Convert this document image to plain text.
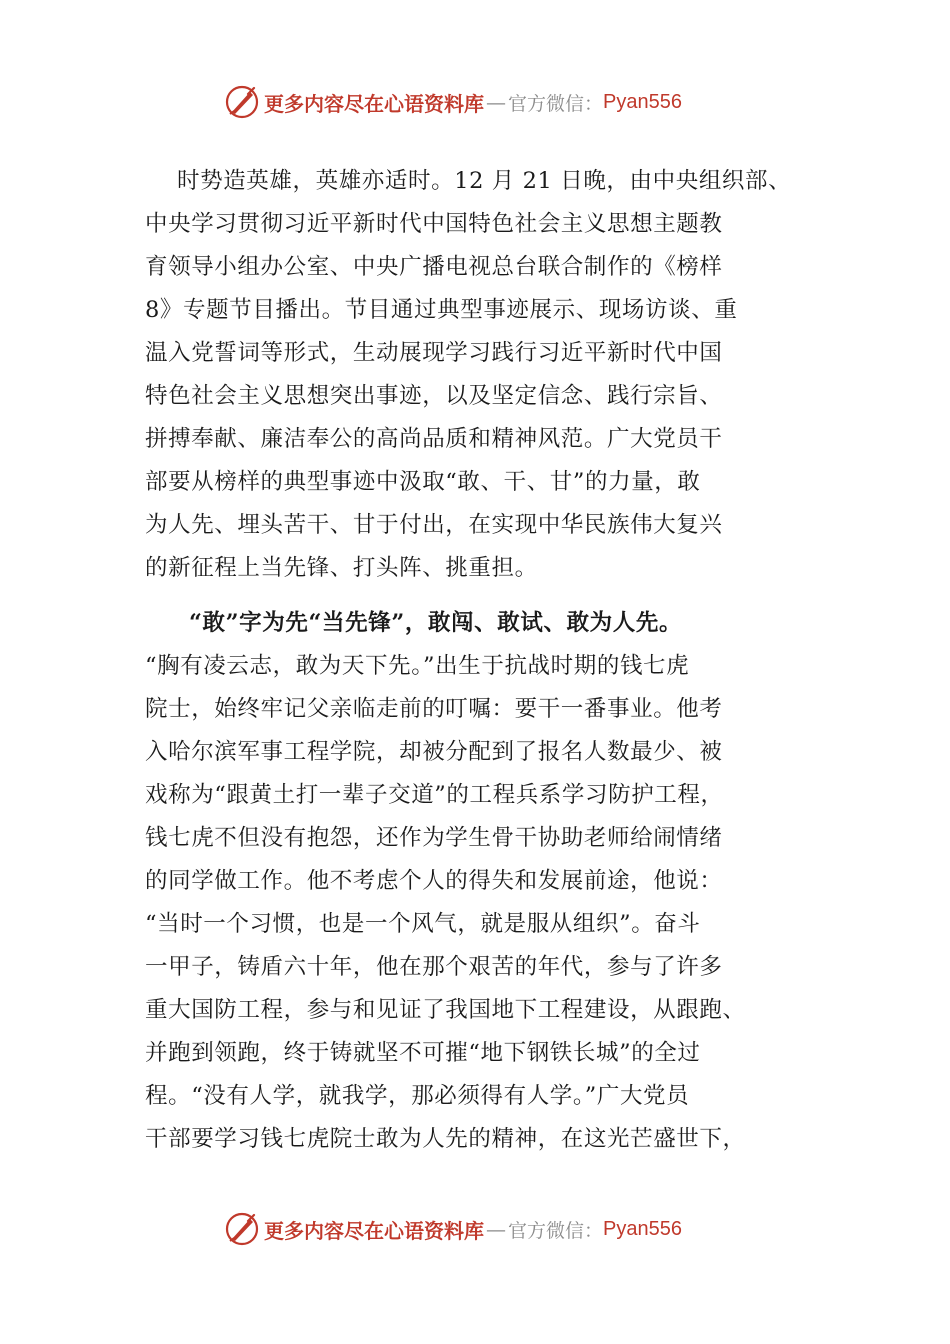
更多内容尽在心语资料库 — 官方微信： Pyan556
时势造英雄，英雄亦适时。12 月 21 日晚，由中央组织部、
中央学习贯彻习近平新时代中国特色社会主义思想主题教
育领导小组办公室、中央广播电视总台联合制作的《榜样
8》专题节目播出。节目通过典型事迹展示、现场访谈、重
温入党誓词等形式，生动展现学习践行习近平新时代中国
特色社会主义思想突出事迹，以及坚定信念、践行宗旨、
拼搏奉献、廉洁奉公的高尚品质和精神风范。广大党员干
部要从榜样的典型事迹中汲取“敢、干、甘”的力量，敢
为人先、埋头苦干、甘于付出，在实现中华民族伟大复兴
的新征程上当先锋、打头阵、挑重担。
“敢”字为先“当先锋”，敢闯、敢试、敢为人先。
“胸有凌云志，敢为天下先。”出生于抗战时期的钱七虎
院士，始终牢记父亲临走前的叮嘱：要干一番事业。他考
入哈尔滨军事工程学院，却被分配到了报名人数最少、被
戏称为“跟黄土打一辈子交道”的工程兵系学习防护工程，
钱七虎不但没有抱怨，还作为学生骨干协助老师给闹情绪
的同学做工作。他不考虑个人的得失和发展前途，他说：
“当时一个习惯，也是一个风气，就是服从组织”。奋斗
一甲子，铸盾六十年，他在那个艰苦的年代，参与了许多
重大国防工程，参与和见证了我国地下工程建设，从跟跑、
并跑到领跑，终于铸就坚不可摧“地下钢铁长城”的全过
程。“没有人学，就我学，那必须得有人学。”广大党员
干部要学习钱七虎院士敢为人先的精神，在这光芒盛世下，
更多内容尽在心语资料库 — 官方微信： Pyan556
